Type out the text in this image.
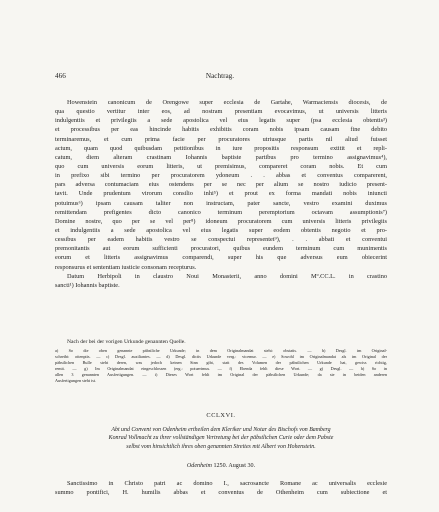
466	Nachtrag.
Howenstein canonicum de Orengowe super ecclesia de Gartahe, Warmaciensis diocesis, de
qua questio vertitur inter eos, ad nostram presentiam evocavimus, ut universis litteris
indulgentiis et privilegiis a sede apostolica vel eius legatis super (psa ecclesia obtentis³)
et processibus per eas hincinde habitis exhibitis coram nobis ipsam causam fine debito
terminaremus, et cum prima facie per procuratores utriusque partis nil aliud fuisset
actum, quam quod quibusdam petitionibus in iure propositis responsum extitit et repli-
catum, diem alteram crastinam Iohannis baptiste partibus pro termino assignavimus⁴),
quo cum universis eorum litteris, ut premisimus, compareret coram nobis. Et cum
in prefixo sibi termino per procuratorem ydoneum . . abbas et conventus comparerent,
pars adversa contumaciam eius ostendens per se nec per alium se nostro iudicio present-
tavit. Unde prudentum virorum consilio inhi⁵) et prout ex forma mandati nobis iniuncti
potuimus⁶) ipsam causam taliter non instructam, pater sancte, vestro examini duximus
remittendam prefigentes dicto canonico terminum peremptorium octavam assumptionis⁷)
Domine nostre, quo per se vel per⁸) idoneum procuratorem cum universis litteris privilegiis
et indulgentiis a sede apostolica vel eius legatis super eodem obtentis negotio et pro-
cessibus per eadem habitis vestro se conspectui representet⁹), . . abbati et conventui
premonitantis aut eorum sufficienti procuratori, quibus eundem terminum cum munimentis
eorum et litteris assignavimus comparendi, super his que adversus eum obiecerint
responsurus et sententiam iusticie consonam recepturus.
Datum Herbipoli in claustro Noui Monasterii, anno domini Mº.CC.L. in crastino
sancti¹) Iohannis baptiste.
Nach der bei der vorigen Urkunde genannten Quelle.
a) So die oben genannte päbstliche Urkunde; in dem Originalmandat steht: obstatis. — b) Desgl. im Original-
schreibt: ottenptis. — c) Desgl. auxiliantes. — d) Desgl. dictis Urkunde verg.: vicemur. — e) Sowohl im Originalmandat als im Original der
päbstlichen Bulle steht deren, was jedoch keinen Sinn gibt, statt des Volumen der päbstlichen Urkunde hat, gewiss richtig,
remit. — g) Im Originalmandat eingeschlossen (erg.: potuerimus. — f) Ebenda fehlt diese Wort. — g) Desgl. — h) So in
allen 3 genannten Ausfertigungen. — i) Dieses Wort fehlt im Original der päbstlichen Urkunde; da sie in beiden anderen
Ausfertigungen steht ist.
CCLXVI.
Abt und Convent von Odenheim ertheilen dem Kleriker und Notar des Bischofs von Bamberg
Konrad Vollmacht zu ihrer vollständigen Vertretung bei der päbstlichen Curie oder dem Pabste
selbst vom hinsichtlich ihres oben genannten Streites mit Albert von Hohenstein.
Odenheim 1250. August 30.
Sanctissimo in Christo patri ac domino I., sacrosancte Romane ac universalis ecclesie
summo pontifici, H. humilis abbas et conventus de Othenheim cum subiectione et
